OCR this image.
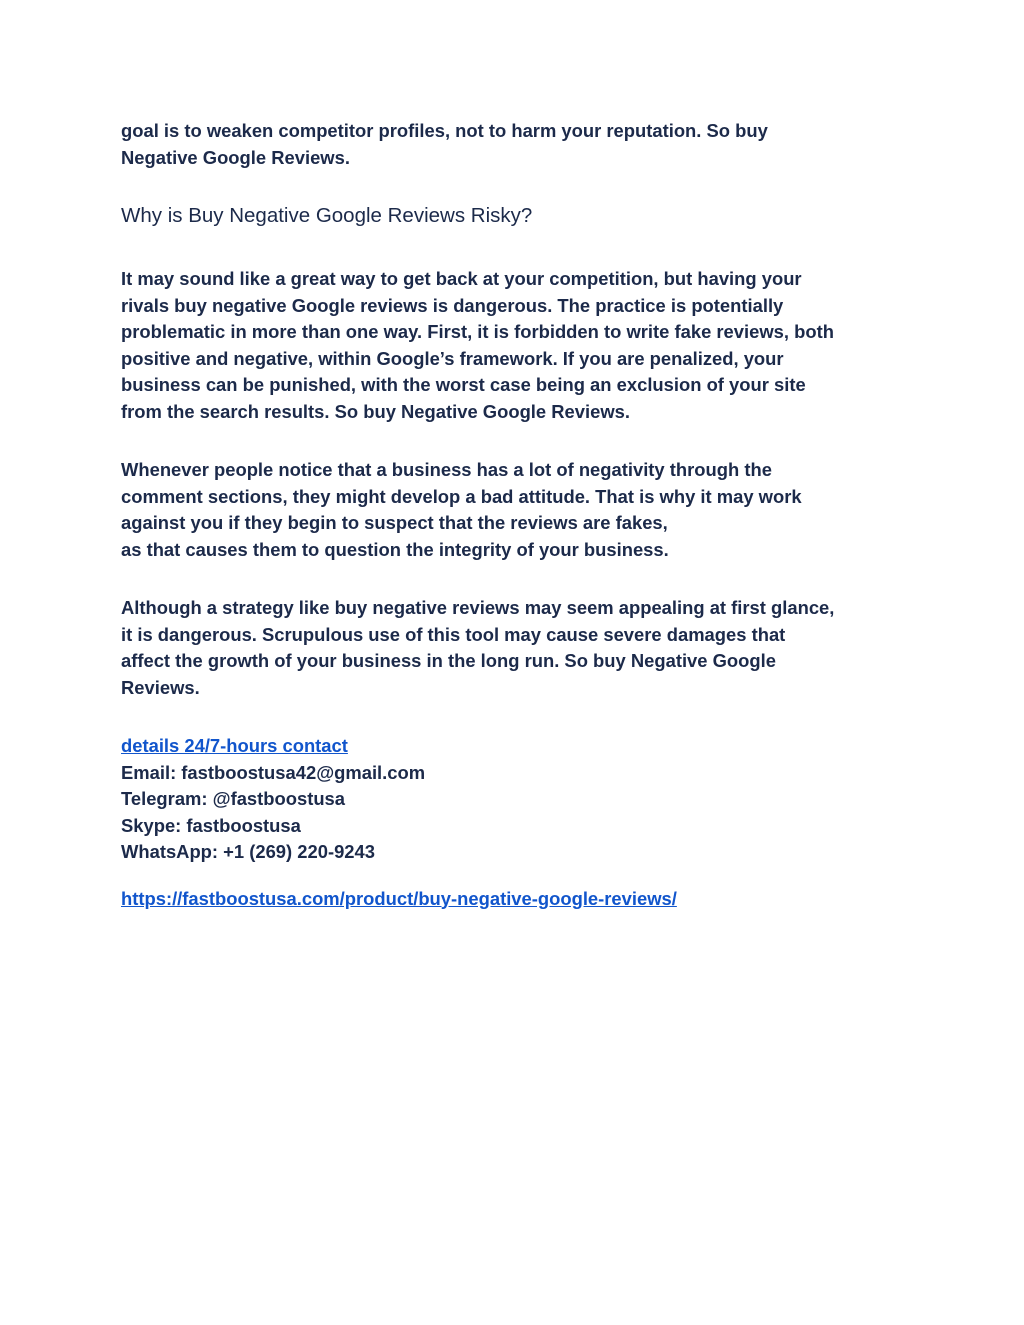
goal is to weaken competitor profiles, not to harm your reputation. So buy
Negative Google Reviews.

Why is Buy Negative Google Reviews Risky?

It may sound like a great way to get back at your competition, but having your
rivals buy negative Google reviews is dangerous. The practice is potentially
problematic in more than one way. First, it is forbidden to write fake reviews, both
positive and negative, within Google’s framework. If you are penalized, your
business can be punished, with the worst case being an exclusion of your site
from the search results. So buy Negative Google Reviews.

Whenever people notice that a business has a lot of negativity through the
comment sections, they might develop a bad attitude. That is why it may work
against you if they begin to suspect that the reviews are fakes,
as that causes them to question the integrity of your business.

Although a strategy like buy negative reviews may seem appealing at first glance,
it is dangerous. Scrupulous use of this tool may cause severe damages that
affect the growth of your business in the long run. So buy Negative Google
Reviews.

details 24/7-hours contact
Email: fastboostusa42@gmail.com
Telegram: @fastboostusa
Skype: fastboostusa
WhatsApp: +1 (269) 220-9243

https://fastboostusa.com/product/buy-negative-google-reviews/
